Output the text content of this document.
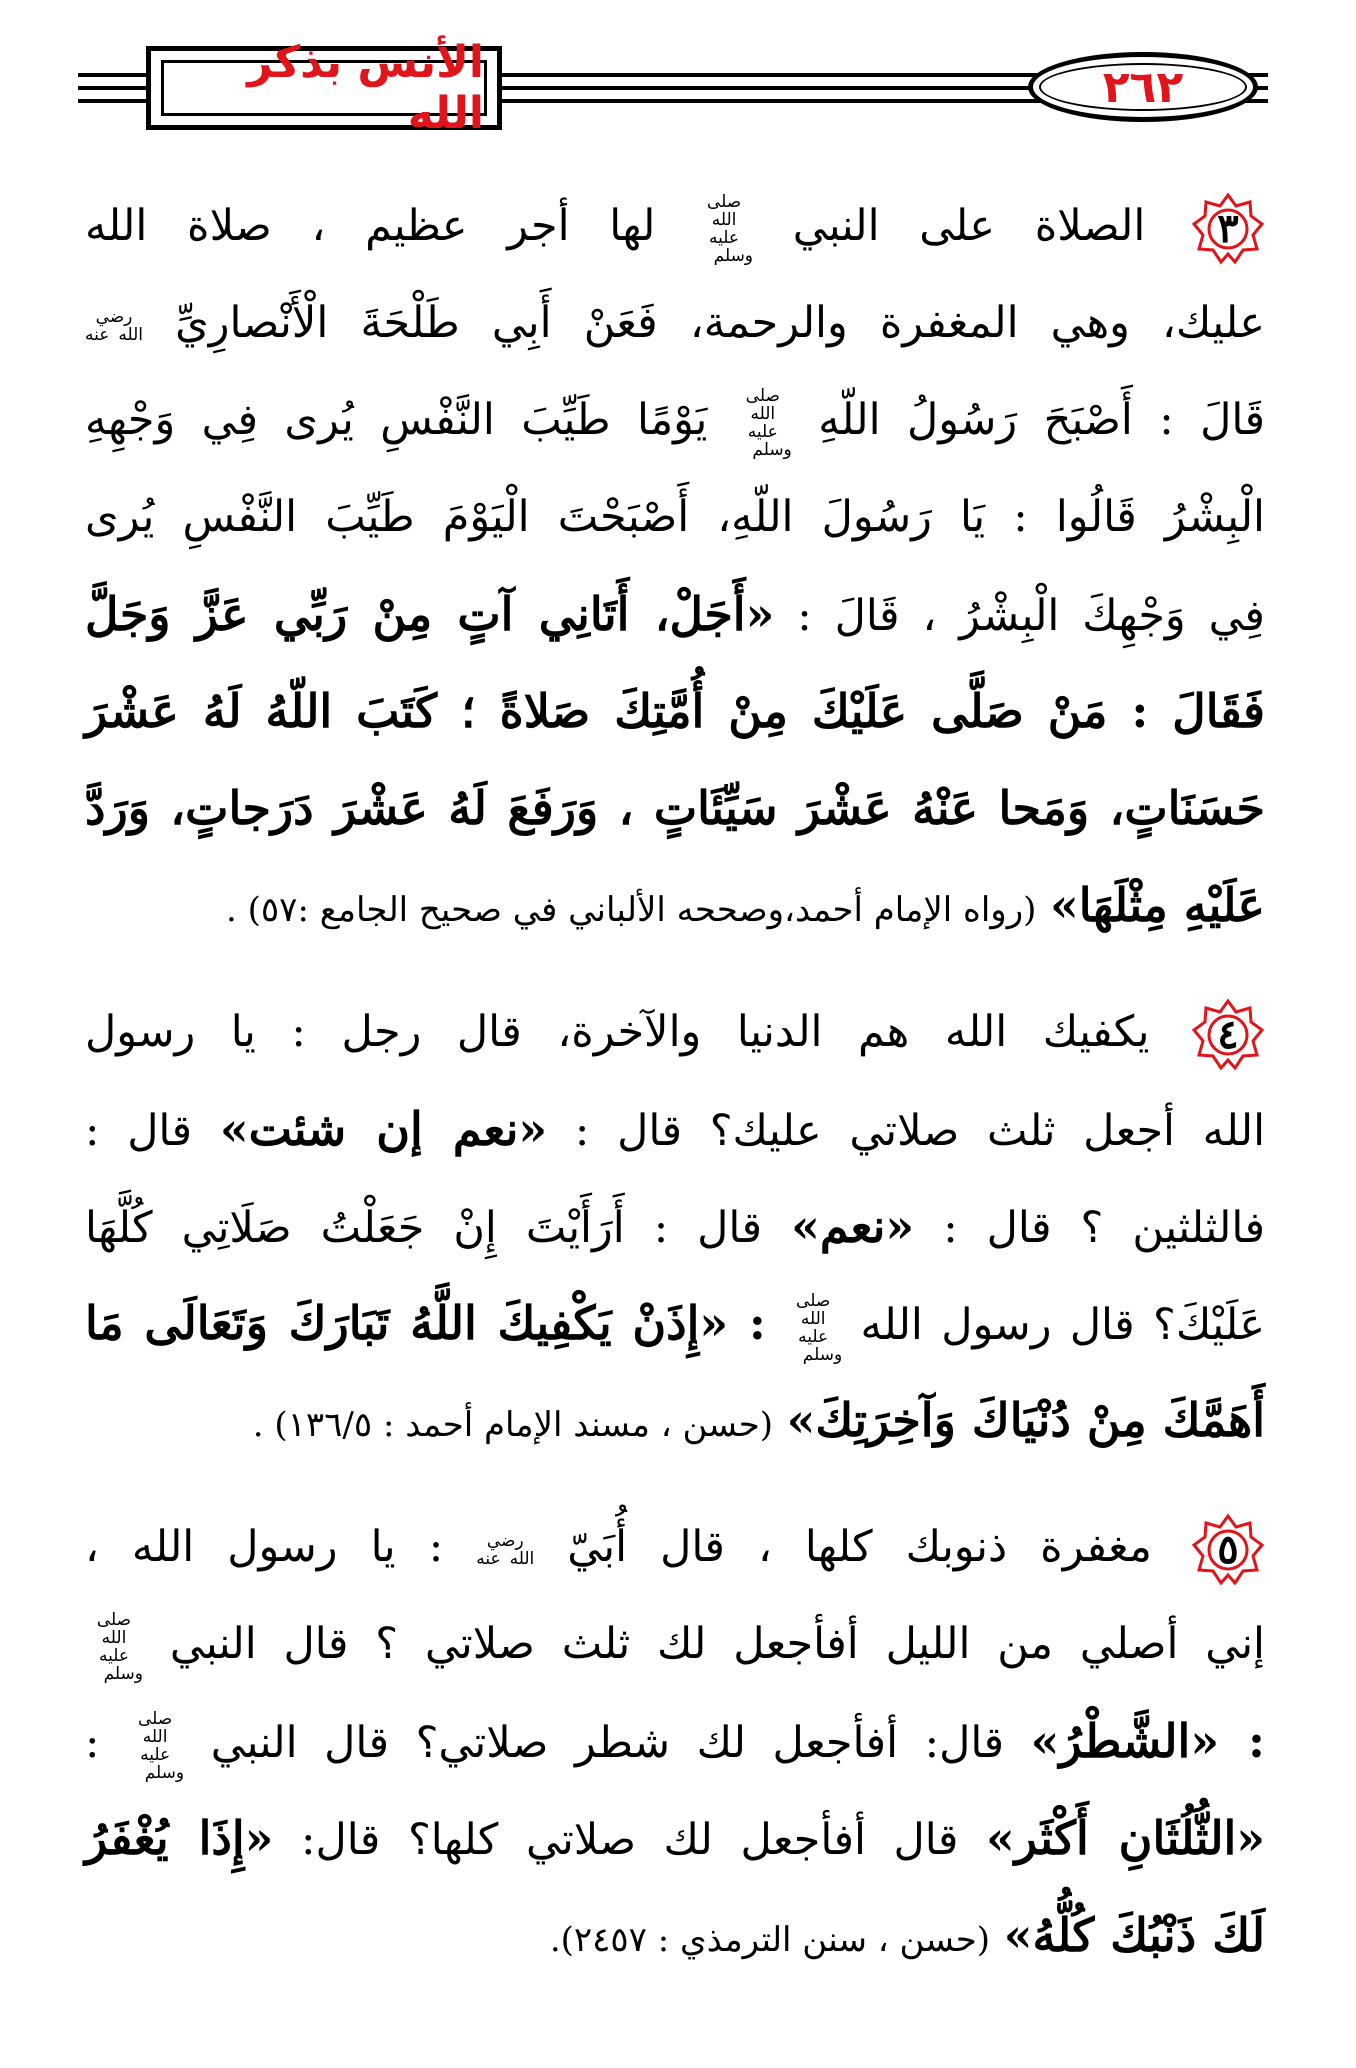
الأنس بذكر الله
٢٦٢
٣
الصلاة على النبي صلى الله عليه وسلم لها أجر عظيم ، صلاة الله
عليك، وهي المغفرة والرحمة، فَعَنْ أَبِي طَلْحَةَ الْأَنْصارِيِّ رضي الله عنه
قَالَ : أَصْبَحَ رَسُولُ اللّهِ صلى الله عليه وسلم يَوْمًا طَيِّبَ النَّفْسِ يُرى فِي وَجْهِهِ
الْبِشْرُ قَالُوا : يَا رَسُولَ اللّهِ، أَصْبَحْتَ الْيَوْمَ طَيِّبَ النَّفْسِ يُرى
فِي وَجْهِكَ الْبِشْرُ ، قَالَ : «أَجَلْ، أَتَانِي آتٍ مِنْ رَبِّي عَزَّ وَجَلَّ
فَقَالَ : مَنْ صَلَّى عَلَيْكَ مِنْ أُمَّتِكَ صَلاةً ؛ كَتَبَ اللّهُ لَهُ عَشْرَ
حَسَنَاتٍ، وَمَحا عَنْهُ عَشْرَ سَيِّئَاتٍ ، وَرَفَعَ لَهُ عَشْرَ دَرَجاتٍ، وَرَدَّ
عَلَيْهِ مِثْلَهَا» (رواه الإمام أحمد،وصححه الألباني في صحيح الجامع :٥٧) .
٤
يكفيك الله هم الدنيا والآخرة، قال رجل : يا رسول
الله أجعل ثلث صلاتي عليك؟ قال : «نعم إن شئت» قال :
فالثلثين ؟ قال : «نعم» قال : أَرَأَيْتَ إِنْ جَعَلْتُ صَلَاتِي كُلَّهَا
عَلَيْكَ؟ قال رسول الله صلى الله عليه وسلم : «إِذَنْ يَكْفِيكَ اللَّهُ تَبَارَكَ وَتَعَالَى مَا
أَهَمَّكَ مِنْ دُنْيَاكَ وَآخِرَتِكَ» (حسن ، مسند الإمام أحمد : ١٣٦/٥) .
٥
مغفرة ذنوبك كلها ، قال أُبَيّ رضي الله عنه : يا رسول الله ،
إني أصلي من الليل أفأجعل لك ثلث صلاتي ؟ قال النبي صلى الله عليه وسلم
: «الشَّطْرُ» قال: أفأجعل لك شطر صلاتي؟ قال النبي صلى الله عليه وسلم :
«الثُّلُثَانِ أَكْثَر» قال أفأجعل لك صلاتي كلها؟ قال: «إِذَا يُغْفَرُ
لَكَ ذَنْبُكَ كُلُّهُ» (حسن ، سنن الترمذي : ٢٤٥٧).
